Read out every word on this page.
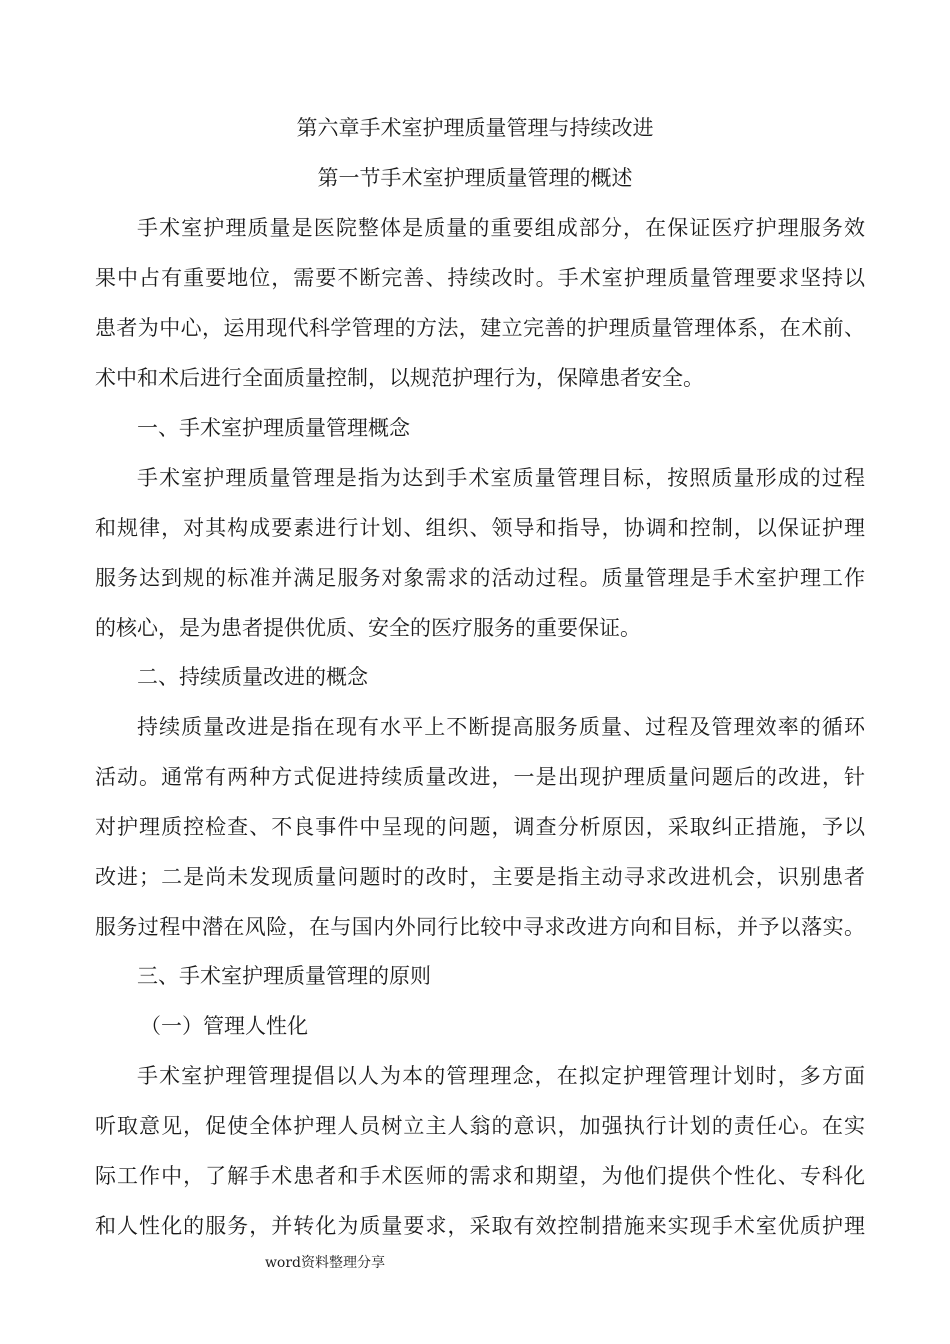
第六章手术室护理质量管理与持续改进
第一节手术室护理质量管理的概述
手术室护理质量是医院整体是质量的重要组成部分，在保证医疗护理服务效
果中占有重要地位，需要不断完善、持续改时。手术室护理质量管理要求坚持以
患者为中心，运用现代科学管理的方法，建立完善的护理质量管理体系，在术前、
术中和术后进行全面质量控制，以规范护理行为，保障患者安全。
一、手术室护理质量管理概念
手术室护理质量管理是指为达到手术室质量管理目标，按照质量形成的过程
和规律，对其构成要素进行计划、组织、领导和指导，协调和控制，以保证护理
服务达到规的标准并满足服务对象需求的活动过程。质量管理是手术室护理工作
的核心，是为患者提供优质、安全的医疗服务的重要保证。
二、持续质量改进的概念
持续质量改进是指在现有水平上不断提高服务质量、过程及管理效率的循环
活动。通常有两种方式促进持续质量改进，一是出现护理质量问题后的改进，针
对护理质控检查、不良事件中呈现的问题，调查分析原因，采取纠正措施，予以
改进；二是尚未发现质量问题时的改时，主要是指主动寻求改进机会，识别患者
服务过程中潜在风险，在与国内外同行比较中寻求改进方向和目标，并予以落实。
三、手术室护理质量管理的原则
（一）管理人性化
手术室护理管理提倡以人为本的管理理念，在拟定护理管理计划时，多方面
听取意见，促使全体护理人员树立主人翁的意识，加强执行计划的责任心。在实
际工作中，了解手术患者和手术医师的需求和期望，为他们提供个性化、专科化
和人性化的服务，并转化为质量要求，采取有效控制措施来实现手术室优质护理
word资料整理分享
